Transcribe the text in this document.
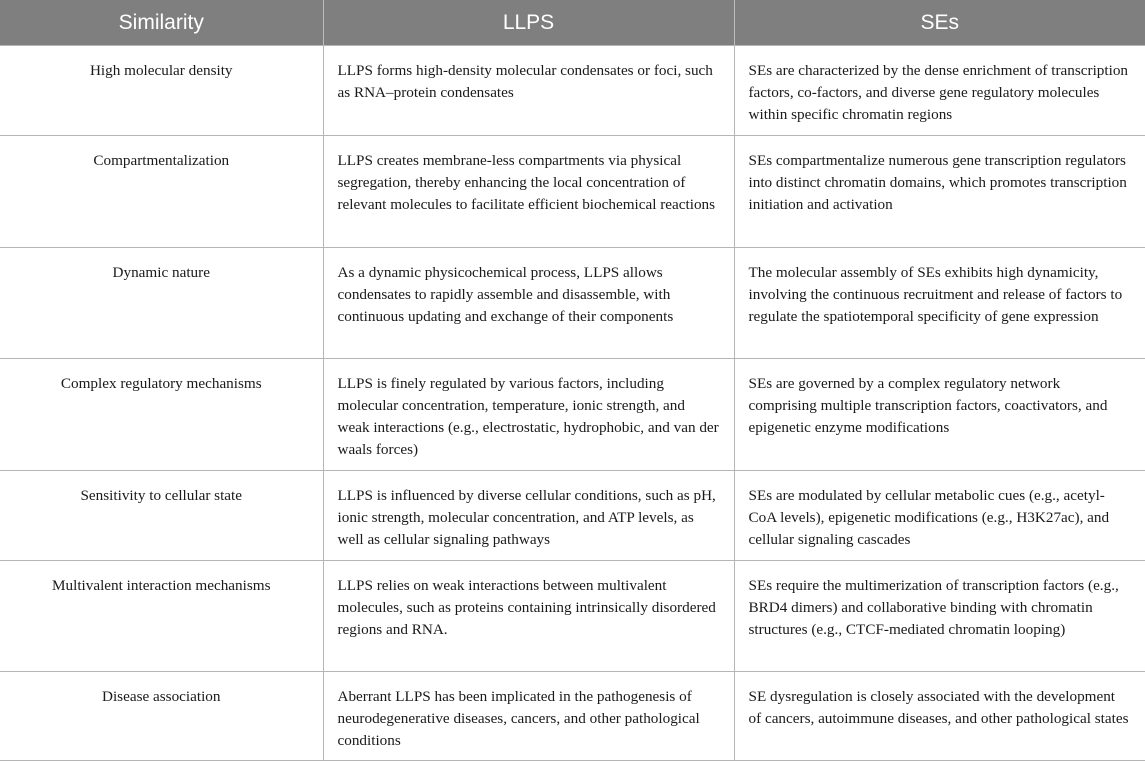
Similarity	LLPS	SEs
High molecular density	LLPS forms high-density molecular condensates or foci, such as RNA–protein condensates	SEs are characterized by the dense enrichment of transcription factors, co-factors, and diverse gene regulatory molecules within specific chromatin regions
Compartmentalization	LLPS creates membrane-less compartments via physical segregation, thereby enhancing the local concentration of relevant molecules to facilitate efficient biochemical reactions	SEs compartmentalize numerous gene transcription regulators into distinct chromatin domains, which promotes transcription initiation and activation
Dynamic nature	As a dynamic physicochemical process, LLPS allows condensates to rapidly assemble and disassemble, with continuous updating and exchange of their components	The molecular assembly of SEs exhibits high dynamicity, involving the continuous recruitment and release of factors to regulate the spatiotemporal specificity of gene expression
Complex regulatory mechanisms	LLPS is finely regulated by various factors, including molecular concentration, temperature, ionic strength, and weak interactions (e.g., electrostatic, hydrophobic, and van der waals forces)	SEs are governed by a complex regulatory network comprising multiple transcription factors, coactivators, and epigenetic enzyme modifications
Sensitivity to cellular state	LLPS is influenced by diverse cellular conditions, such as pH, ionic strength, molecular concentration, and ATP levels, as well as cellular signaling pathways	SEs are modulated by cellular metabolic cues (e.g., acetyl-CoA levels), epigenetic modifications (e.g., H3K27ac), and cellular signaling cascades
Multivalent interaction mechanisms	LLPS relies on weak interactions between multivalent molecules, such as proteins containing intrinsically disordered regions and RNA.	SEs require the multimerization of transcription factors (e.g., BRD4 dimers) and collaborative binding with chromatin structures (e.g., CTCF-mediated chromatin looping)
Disease association	Aberrant LLPS has been implicated in the pathogenesis of neurodegenerative diseases, cancers, and other pathological conditions	SE dysregulation is closely associated with the development of cancers, autoimmune diseases, and other pathological states
